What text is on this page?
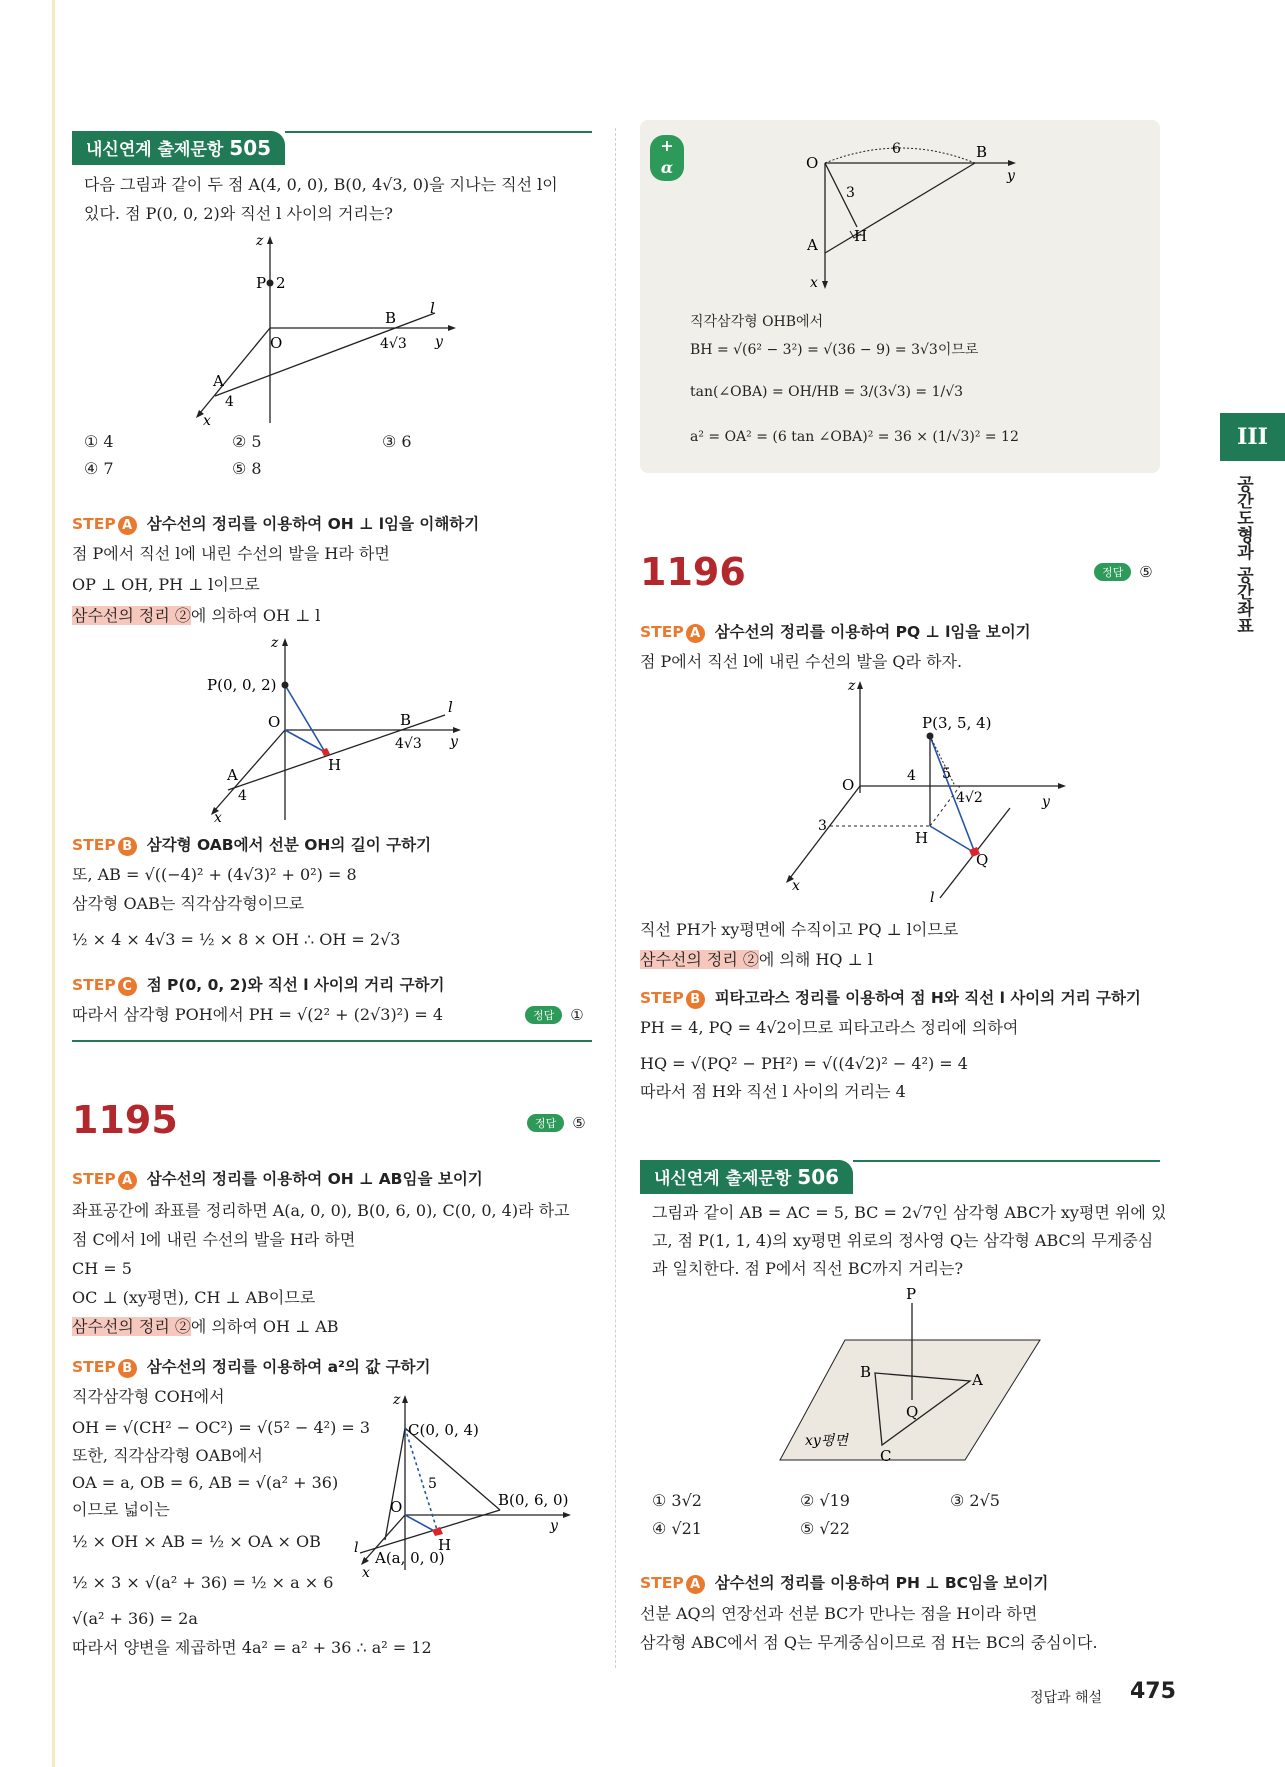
내신연계 출제문항 505
다음 그림과 같이 두 점 A(4, 0, 0), B(0, 4√3, 0)을 지나는 직선 l이
있다. 점 P(0, 0, 2)와 직선 l 사이의 거리는?
z
P 2
O
B
4√3 y
l
A
4
x
① 4	② 5	③ 6
④ 7	⑤ 8
STEP A 삼수선의 정리를 이용하여 OH ⊥ l임을 이해하기
점 P에서 직선 l에 내린 수선의 발을 H라 하면
OP ⊥ OH, PH ⊥ l이므로
삼수선의 정리 ②에 의하여 OH ⊥ l
z
P(0, 0, 2)
O	B
l
4√3 y
H
A
4
x
STEP B 삼각형 OAB에서 선분 OH의 길이 구하기
또, AB = √((−4)² + (4√3)² + 0²) = 8
삼각형 OAB는 직각삼각형이므로
½ × 4 × 4√3 = ½ × 8 × OH ∴ OH = 2√3
STEP C 점 P(0, 0, 2)와 직선 l 사이의 거리 구하기
따라서 삼각형 POH에서 PH = √(2² + (2√3)²) = 4	정답	①
1195	정답	⑤
STEP A 삼수선의 정리를 이용하여 OH ⊥ AB임을 보이기
좌표공간에 좌표를 정리하면 A(a, 0, 0), B(0, 6, 0), C(0, 0, 4)라 하고
점 C에서 l에 내린 수선의 발을 H라 하면
CH = 5
OC ⊥ (xy평면), CH ⊥ AB이므로
삼수선의 정리 ②에 의하여 OH ⊥ AB
STEP B 삼수선의 정리를 이용하여 a²의 값 구하기
직각삼각형 COH에서
OH = √(CH² − OC²) = √(5² − 4²) = 3
또한, 직각삼각형 OAB에서
OA = a, OB = 6, AB = √(a² + 36)
이므로 넓이는
½ × OH × AB = ½ × OA × OB
½ × 3 × √(a² + 36) = ½ × a × 6
√(a² + 36) = 2a
따라서 양변을 제곱하면 4a² = a² + 36 ∴ a² = 12
z
C(0, 0, 4)
O
5
B(0, 6, 0)
y
H
l
A(a, 0, 0)
x
+
α	O
6	B
y
3
A H
x
직각삼각형 OHB에서
BH = √(6² − 3²) = √(36 − 9) = 3√3이므로
tan(∠OBA) = OH/HB = 3/(3√3) = 1/√3
a² = OA² = (6 tan ∠OBA)² = 36 × (1/√3)² = 12	III
공간도형과 공간좌표
1196	정답	⑤
STEP A 삼수선의 정리를 이용하여 PQ ⊥ l임을 보이기
점 P에서 직선 l에 내린 수선의 발을 Q라 하자.
z
P(3, 5, 4)
O	4 5
y
4√2
3
H
Q
x
l
직선 PH가 xy평면에 수직이고 PQ ⊥ l이므로
삼수선의 정리 ②에 의해 HQ ⊥ l
STEP B 피타고라스 정리를 이용하여 점 H와 직선 l 사이의 거리 구하기
PH = 4, PQ = 4√2이므로 피타고라스 정리에 의하여
HQ = √(PQ² − PH²) = √((4√2)² − 4²) = 4
따라서 점 H와 직선 l 사이의 거리는 4
내신연계 출제문항 506
그림과 같이 AB = AC = 5, BC = 2√7인 삼각형 ABC가 xy평면 위에 있
고, 점 P(1, 1, 4)의 xy평면 위로의 정사영 Q는 삼각형 ABC의 무게중심
과 일치한다. 점 P에서 직선 BC까지 거리는?
P
B	A
Q
xy평면
C
① 3√2	② √19	③ 2√5
④ √21	⑤ √22
STEP A 삼수선의 정리를 이용하여 PH ⊥ BC임을 보이기
선분 AQ의 연장선과 선분 BC가 만나는 점을 H이라 하면
삼각형 ABC에서 점 Q는 무게중심이므로 점 H는 BC의 중심이다.
정답과 해설 475
